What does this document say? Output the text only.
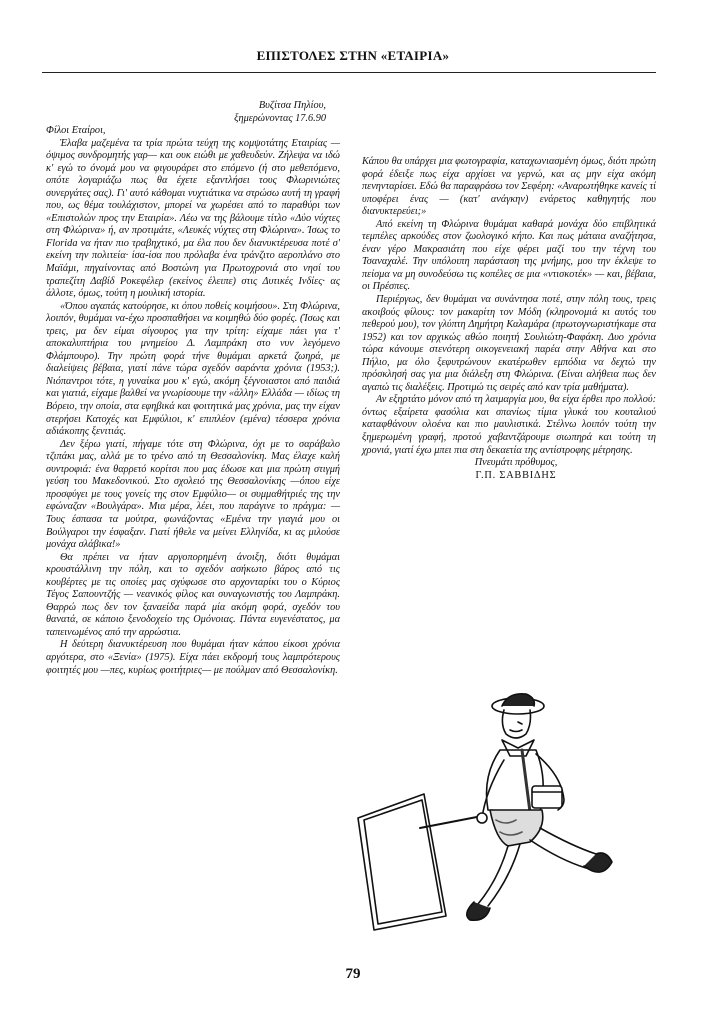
ΕΠΙΣΤΟΛΕΣ ΣΤΗΝ «ΕΤΑΙΡΙΑ»
Βυζίτσα Πηλίου,
ξημερώνοντας 17.6.90

Φίλοι Εταίροι,

Έλαβα μαζεμένα τα τρία πρώτα τεύχη της κομψοτάτης Εταιρίας —όψιμος συνδρομητής γαρ— και ουκ ειώθι με χαθευδεύν. Ζήλεψα να ιδώ κ' εγώ το όνομά μου να φιγουράρει στο επόμενο (ή στο μεθεπόμενο, οπότε λογαριάζω πως θα έχετε εξαντλήσει τους Φλωρινιώτες συνεργάτες σας). Γι' αυτό κάθομαι νυχτιάτικα να στρώσω αυτή τη γραφή που, ως θέμα τουλάχιστον, μπορεί να χωρέσει από το παραθύρι των «Επιστολών προς την Εταιρία». Λέω να της βάλουμε τίτλο «Δύο νύχτες στη Φλώρινα» ή, αν προτιμάτε, «Λευκές νύχτες στη Φλώρινα». Ίσως το Florida να ήταν πιο τραβηχτικό, μα έλα που δεν διανυκτέρευσα ποτέ σ' εκείνη την πολιτεία· ίσα-ίσα που πρόλαβα ένα τράνζιτο αεροπλάνο στο Μαϊάμι, πηγαίνοντας από Βοστώνη για Πρωτοχρονιά στο νησί του τραπεζίτη Δαβίδ Ροκεφέλερ (εκείνος έλειπε) στις Δυτικές Ινδίες· ας άλλοτε, όμως, τούτη η μουλική ιστορία.

«Όπου αγαπάς κατούρησε, κι όπου ποθείς κοιμήσου». Στη Φλώρινα, λοιπόν, θυμάμαι να-έχω προσπαθήσει να κοιμηθώ δύο φορές. (Ίσως και τρεις, μα δεν είμαι σίγουρος για την τρίτη: είχαμε πάει για τ' αποκαλυπτήρια του μνημείου Δ. Λαμπράκη στο νυν λεγόμενο Φλάμπουρο). Την πρώτη φορά τήνε θυμάμαι αρκετά ζωηρά, με διαλείψεις βέβαια, γιατί πάνε τώρα σχεδόν σαράντα χρόνια (1953;). Νιόπαντροι τότε, η γυναίκα μου κ' εγώ, ακόμη ξέγνοιαστοι από παιδιά και γιατιά, είχαμε βαλθεί να γνωρίσουμε την «άλλη» Ελλάδα — ιδίως τη Βόρειο, την οποία, στα εφηβικά και φοιτητικά μας χρόνια, μας την είχαν στερήσει Κατοχές και Εμφύλιοι, κ' επιπλέον (εμένα) τέσσερα χρόνια αδιάκοπης ξενιτιάς.

Δεν ξέρω γιατί, πήγαμε τότε στη Φλώρινα, όχι με το σαράβαλο τζιπάκι μας, αλλά με το τρένο από τη Θεσσαλονίκη. Μας έλαχε καλή συντροφιά: ένα θαρρετό κορίτσι που μας έδωσε και μια πρώτη στιγμή γεύση του Μακεδονικού. Στο σχολειό της Θεσσαλονίκης —όπου είχε προσφύγει με τους γονείς της στον Εμφύλιο— οι συμμαθήτριές της την εφώναζαν «Βουλγάρα». Μια μέρα, λέει, που παράγινε το πράγμα: —Τους έσπασα τα μούτρα, φωνάζοντας «Εμένα την γιαγιά μου οι Βούλγαροι την έσφαξαν. Γιατί ήθελε να μείνει Ελληνίδα, κι ας μιλούσε μονάχα σλάβικα!»

Θα πρέπει να ήταν αργοπορημένη άνοιξη, διότι θυμάμαι κρουστάλλινη την πόλη, και το σχεδόν ασήκωτο βάρος από τις κουβέρτες με τις οποίες μας σχύφωσε στο αρχονταρίκι του ο Κύριος Τέγος Σαπουντζής — νεανικός φίλος και συναγωνιστής του Λαμπράκη. Θαρρώ πως δεν τον ξαναείδα παρά μία ακόμη φορά, σχεδόν του θανατά, σε κάποιο ξενοδοχείο της Ομόνοιας. Πάντα ευγενέστατος, μα ταπεινωμένος από την αρρώστια.

Η δεύτερη διανυκτέρευση που θυμάμαι ήταν κάπου είκοσι χρόνια αργότερα, στο «Ξενία» (1975). Είχα πάει εκδρομή τους λαμπρότερους φοιτητές μου —πες, κυρίως φοιτήτριες— με πούλμαν από Θεσσαλονίκη.

Κάπου θα υπάρχει μια φωτογραφία, καταχωνιασμένη όμως, διότι πρώτη φορά έδειξε πως είχα αρχίσει να γερνώ, και ας μην είχα ακόμη πενηνταρίσει. Εδώ θα παραφράσω τον Σεφέρη: «Αναρωτήθηκε κανείς τί υποφέρει ένας — (κατ' ανάγκην) ενάρετος καθηγητής που διανυκτερεύει;»

Από εκείνη τη Φλώρινα θυμάμαι καθαρά μονάχα δύο επιβλητικά τεμπέλες αρκούδες στον ζωολογικό κήπο. Και πως μάταια αναζήτησα, έναν γέρο Μακρασιάτη που είχε φέρει μαζί του την τέχνη του Τσαναχαλέ. Την υπόλοιπη παράσταση της μνήμης, μου την έκλεψε το πείσμα να μη συνοδεύσω τις κοπέλες σε μια «ντισκοτέκ» — και, βέβαια, οι Πρέσπες.

Περιέργως, δεν θυμάμαι να συνάντησα ποτέ, στην πόλη τους, τρεις ακοιβούς φίλους: τον μακαρίτη τον Μόδη (κληρονομιά κι αυτός του πεθερού μου), τον γλύπτη Δημήτρη Καλαμάρα (πρωτογνωριστήκαμε στα 1952) και τον αρχικώς αθώο ποιητή Σουλιώτη-Φαφάκη. Δυο χρόνια τώρα κάνουμε στενότερη οικογενειακή παρέα στην Αθήνα και στο Πήλιο, μα όλο ξεφυτρώνουν εκατέρωθεν εμπόδια να δεχτώ την πρόσκλησή σας για μια διάλεξη στη Φλώρινα. (Είναι αλήθεια πως δεν αγαπώ τις διαλέξεις. Προτιμώ τις σειρές από καν τρία μαθήματα).

Αν εξηρτάτο μόνον από τη λαιμαργία μου, θα είχα έρθει προ πολλού: όντως εξαίρετα φασόλια και σπανίως τίμια γλυκά του κουταλιού καταφθάνουν ολοένα και πιο μαυλιστικά. Στέλνω λοιπόν τούτη την ξημερωμένη γραφή, προτού χαβαντζάρουμε σιωπηρά και τούτη τη χρονιά, γιατί έχω μπει πια στη δεκαετία της αντίστροφης μέτρησης.

Πνευμάτι πρόθυμος,

Γ.Π. ΣΑΒΒΙΔΗΣ

79
